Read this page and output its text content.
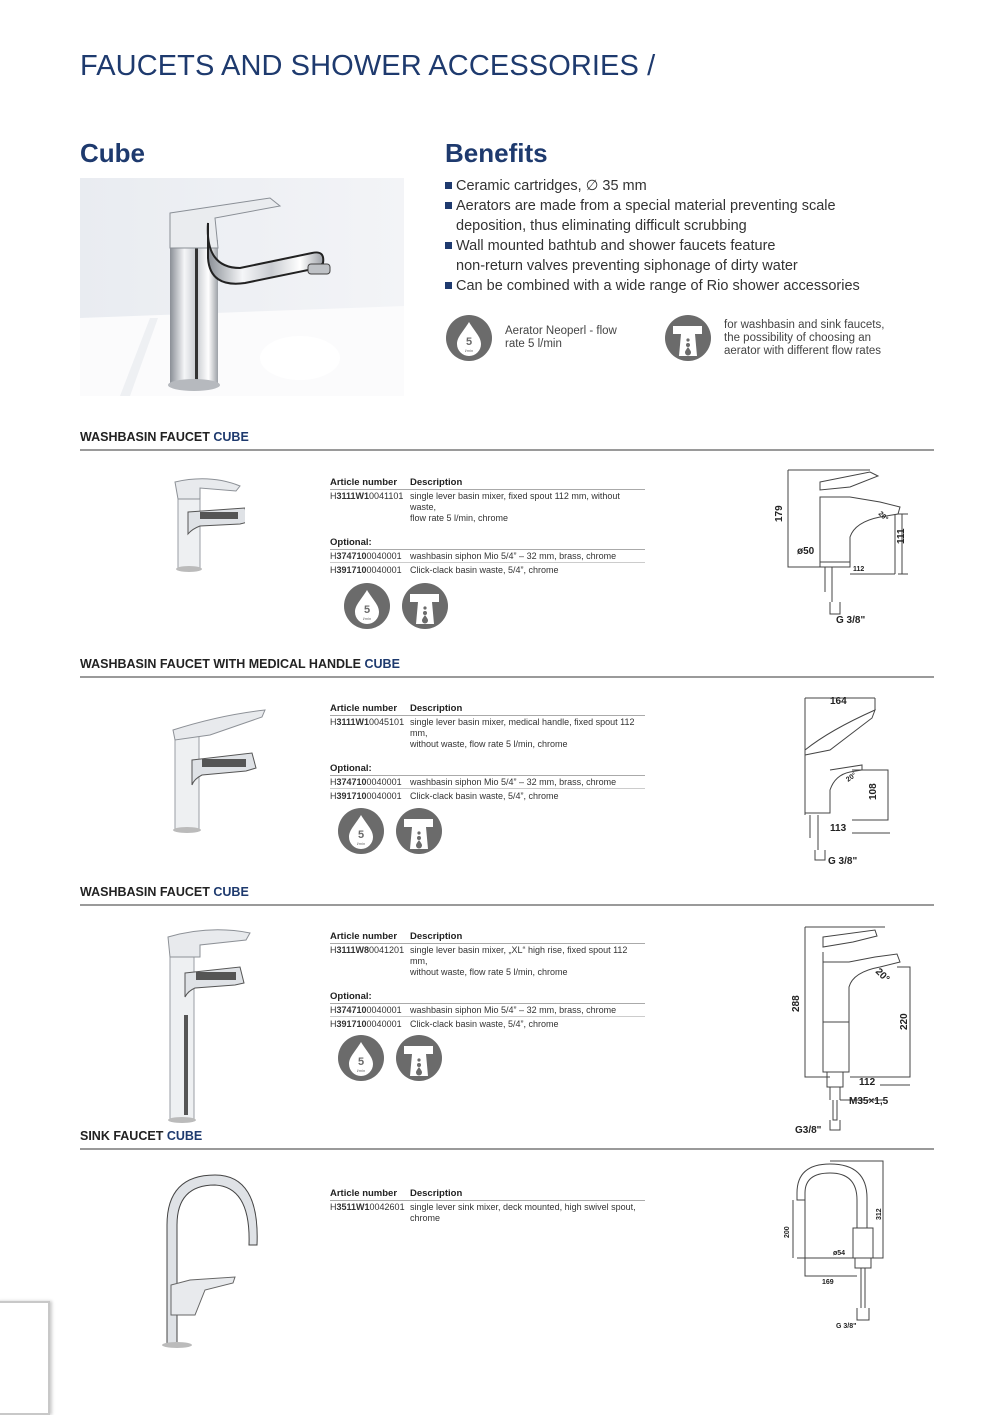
FAUCETS AND SHOWER ACCESSORIES /
Cube	Benefits
Ceramic cartridges, ∅ 35 mm
Aerators are made from a special material preventing scale
deposition, thus eliminating difficult scrubbing
Wall mounted bathtub and shower faucets feature
non-return valves preventing siphonage of dirty water
Can be combined with a wide range of Rio shower accessories
5
l/min
Aerator Neoperl - flow
rate 5 l/min
for washbasin and sink faucets,
the possibility of choosing an
aerator with different flow rates
WASHBASIN FAUCET CUBE
Article number	Description
H3111W10041101 single lever basin mixer, fixed spout 112 mm, without waste,
flow rate 5 l/min, chrome
Optional:
H3747100040001 washbasin siphon Mio 5/4” – 32 mm, brass, chrome
H3917100040001 Click-clack basin waste, 5/4”, chrome
5
l/min
179
ø50
20°
111
112
G 3/8"
WASHBASIN FAUCET WITH MEDICAL HANDLE CUBE
Article number	Description
H3111W10045101 single lever basin mixer, medical handle, fixed spout 112 mm,
without waste, flow rate 5 l/min, chrome
Optional:
H3747100040001 washbasin siphon Mio 5/4” – 32 mm, brass, chrome
H3917100040001 Click-clack basin waste, 5/4”, chrome
5
l/min
164
20°
108
113
G 3/8"
WASHBASIN FAUCET CUBE
Article number	Description
H3111W80041201 single lever basin mixer, „XL“ high rise, fixed spout 112 mm,
without waste, flow rate 5 l/min, chrome
Optional:
H3747100040001 washbasin siphon Mio 5/4” – 32 mm, brass, chrome
H3917100040001 Click-clack basin waste, 5/4”, chrome
5
l/min
288
20°
220
112
M35×1,5
G3/8"
SINK FAUCET CUBE
Article number	Description
H3511W10042601 single lever sink mixer, deck mounted, high swivel spout,
chrome
200
312
ø54
169
G 3/8"
